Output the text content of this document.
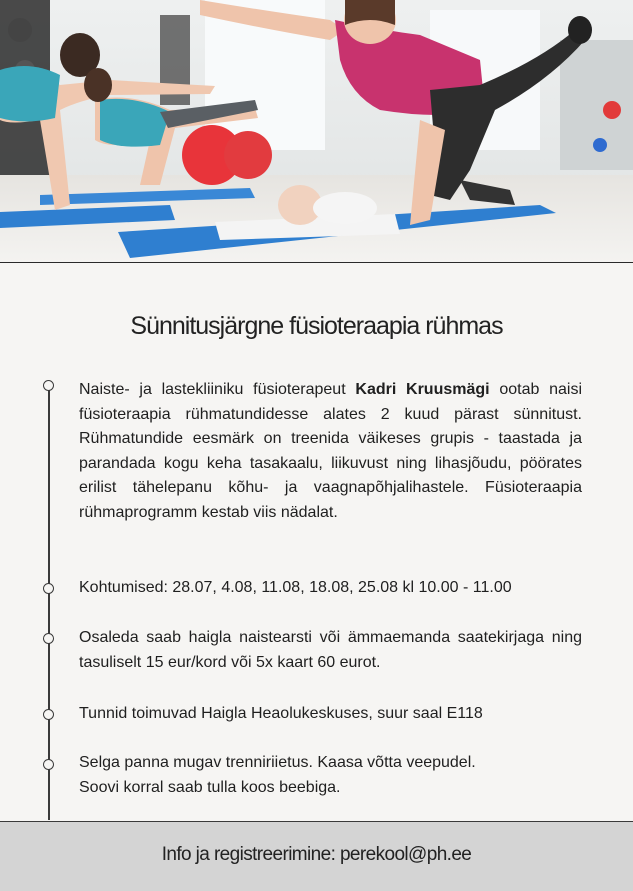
Sünnitusjärgne füsioteraapia rühmas
Naiste- ja lastekliiniku füsioterapeut Kadri Kruusmägi ootab naisi füsioteraapia rühmatundidesse alates 2 kuud pärast sünnitust. Rühmatundide eesmärk on treenida väikeses grupis - taastada ja parandada kogu keha tasakaalu, liikuvust ning lihasjõudu, pöörates erilist tähelepanu kõhu- ja vaagnapõhjalihastele. Füsioteraapia rühmaprogramm kestab viis nädalat.
Kohtumised: 28.07, 4.08, 11.08, 18.08, 25.08 kl 10.00 - 11.00
Osaleda saab haigla naistearsti või ämmaemanda saatekirjaga ning tasuliselt 15 eur/kord või 5x kaart 60 eurot.
Tunnid toimuvad Haigla Heaolukeskuses, suur saal E118
Selga panna mugav trenniriietus. Kaasa võtta veepudel.
Soovi korral saab tulla koos beebiga.
Info ja registreerimine: perekool@ph.ee
